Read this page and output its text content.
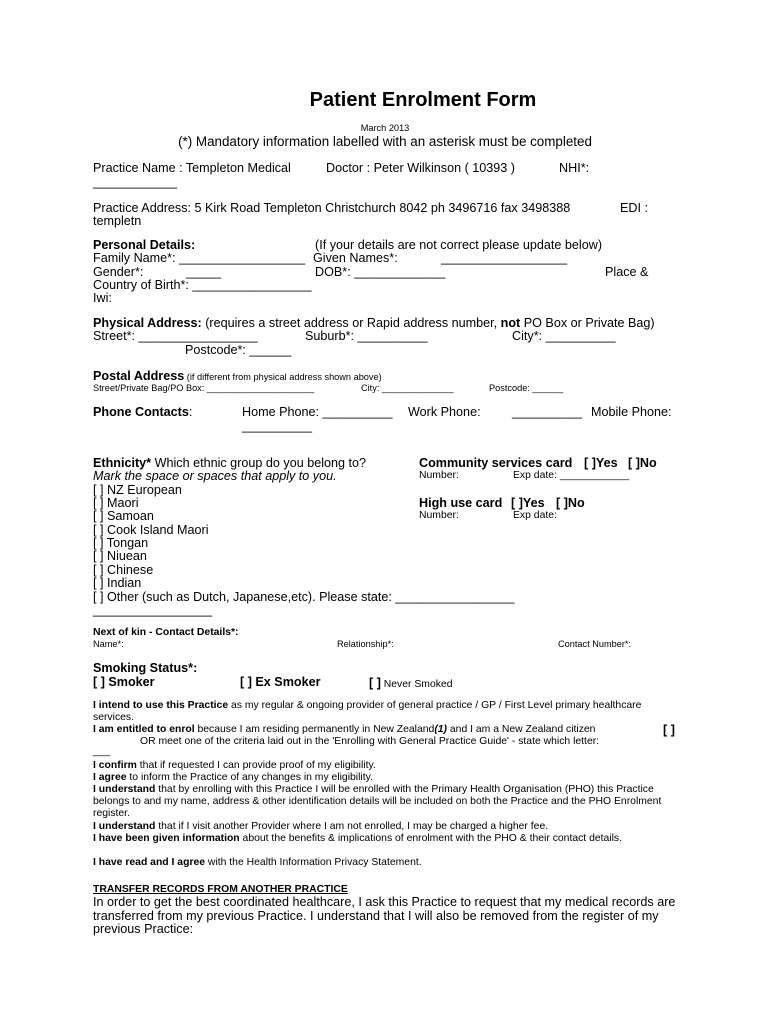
Patient Enrolment Form
March 2013
(*) Mandatory information labelled with an asterisk must be completed
Practice Name : Templeton Medical	Doctor : Peter Wilkinson ( 10393 )	NHI*:
____________
Practice Address: 5 Kirk Road Templeton Christchurch 8042 ph 3496716 fax 3498388	EDI :
templetn
Personal Details:	(If your details are not correct please update below)
Family Name*: __________________ Given Names*:	__________________
Gender*:	_____	DOB*: _____________	Place &
Country of Birth*: _________________
Iwi:
Physical Address: (requires a street address or Rapid address number, not PO Box or Private Bag)
Street*: _________________	Suburb*: __________	City*: __________
Postcode*: ______
Postal Address (if different from physical address shown above)
Street/Private Bag/PO Box: _____________________	City: ______________	Postcode: ______
Phone Contacts:	Home Phone: __________ Work Phone: __________ Mobile Phone:
__________
Ethnicity* Which ethnic group do you belong to?
Mark the space or spaces that apply to you.
[ ] NZ European
[ ] Maori
[ ] Samoan
[ ] Cook Island Maori
[ ] Tongan
[ ] Niuean
[ ] Chinese
[ ] Indian
[ ] Other (such as Dutch, Japanese,etc). Please state: _________________
_________________
Community services card [ ]Yes [ ]No
Number:	Exp date: ____________
High use card [ ]Yes [ ]No
Number:	Exp date:
Next of kin - Contact Details*:
Name*:	Relationship*:	Contact Number*:
Smoking Status*:
[ ] Smoker	[ ] Ex Smoker	[ ] Never Smoked
I intend to use this Practice as my regular & ongoing provider of general practice / GP / First Level primary healthcare services.
I am entitled to enrol because I am residing permanently in New Zealand(1) and I am a New Zealand citizen	[ ]
OR meet one of the criteria laid out in the 'Enrolling with General Practice Guide' - state which letter:
___
I confirm that if requested I can provide proof of my eligibility.
I agree to inform the Practice of any changes in my eligibility.
I understand that by enrolling with this Practice I will be enrolled with the Primary Health Organisation (PHO) this Practice belongs to and my name, address & other identification details will be included on both the Practice and the PHO Enrolment register.
I understand that if I visit another Provider where I am not enrolled, I may be charged a higher fee.
I have been given information about the benefits & implications of enrolment with the PHO & their contact details.
I have read and I agree with the Health Information Privacy Statement.
TRANSFER RECORDS FROM ANOTHER PRACTICE
In order to get the best coordinated healthcare, I ask this Practice to request that my medical records are transferred from my previous Practice. I understand that I will also be removed from the register of my previous Practice:
